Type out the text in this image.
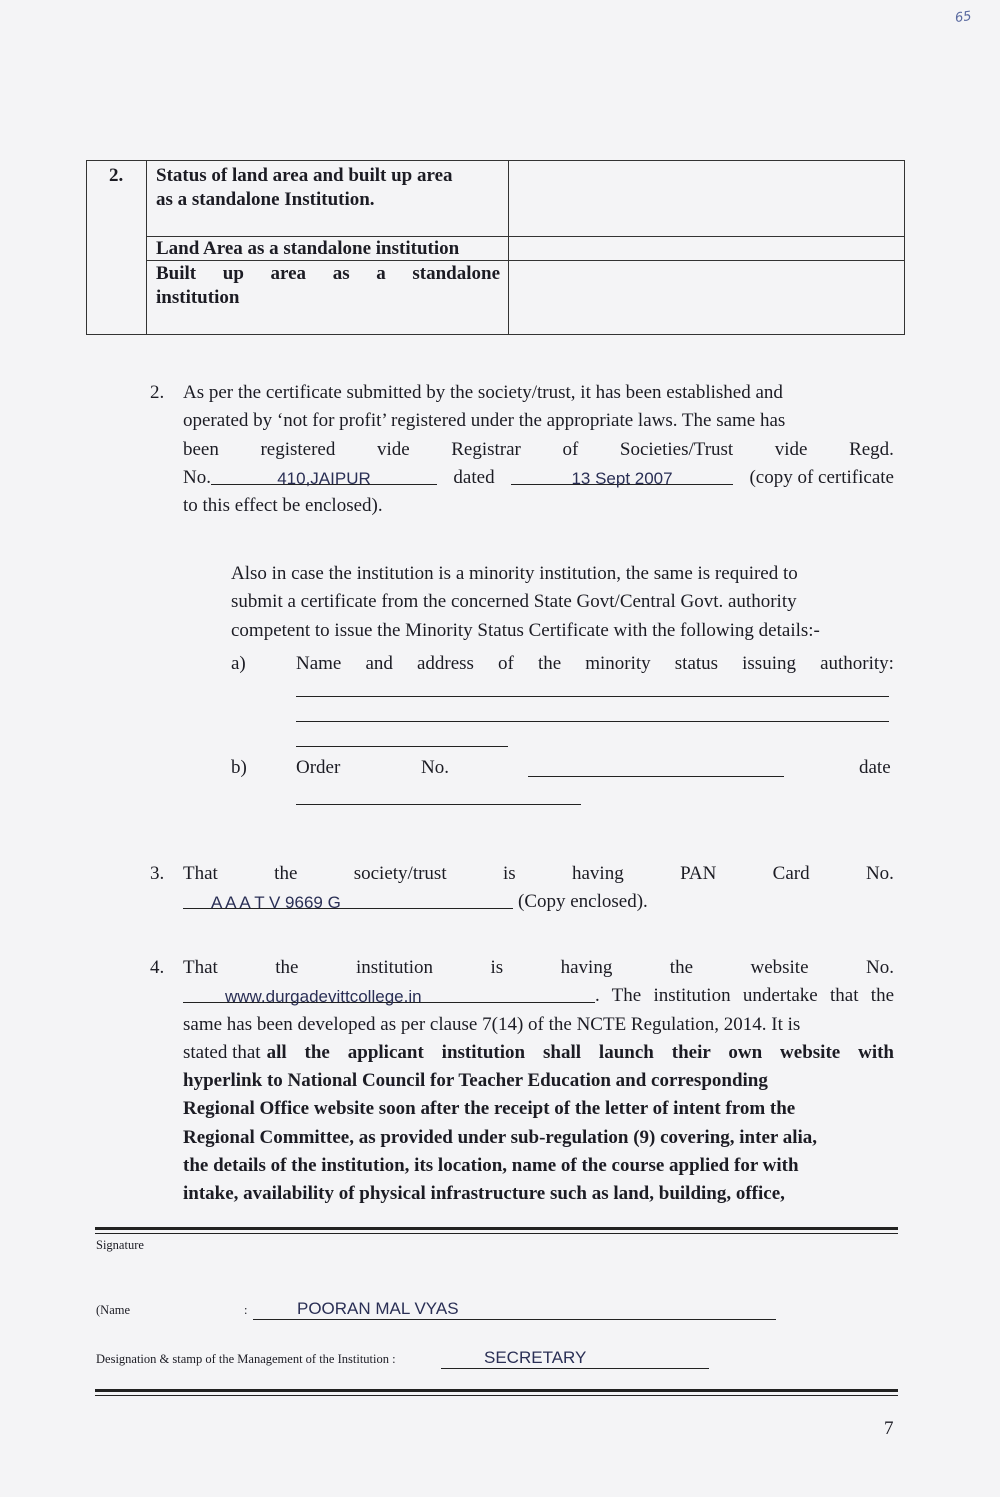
65
2. Status of land area and built up area
as a standalone Institution.
Land Area as a standalone institution
Built up area as a standalone
institution
2. As per the certificate submitted by the society/trust, it has been established and
operated by ‘not for profit’ registered under the appropriate laws. The same has
been registered vide Registrar of Societies/Trust vide Regd.
No.	410,JAIPUR	dated	13 Sept 2007	(copy of certificate
to this effect be enclosed).
Also in case the institution is a minority institution, the same is required to
submit a certificate from the concerned State Govt/Central Govt. authority
competent to issue the Minority Status Certificate with the following details:-
a)	Name and address of the minority status issuing authority:
b)	Order	No.	date
3. That	the	society/trust	is	having	PAN	Card	No.
A A A T V 9669 G	(Copy enclosed).
4. That	the	institution	is	having	the	website	No.
www.durgadevittcollege.in	. The institution undertake that the
same has been developed as per clause 7(14) of the NCTE Regulation, 2014. It is
stated that all the applicant institution shall launch their own website with
hyperlink to National Council for Teacher Education and corresponding
Regional Office website soon after the receipt of the letter of intent from the
Regional Committee, as provided under sub-regulation (9) covering, inter alia,
the details of the institution, its location, name of the course applied for with
intake, availability of physical infrastructure such as land, building, office,
Signature
(Name	:	POORAN MAL VYAS
Designation & stamp of the Management of the Institution :	SECRETARY
7
